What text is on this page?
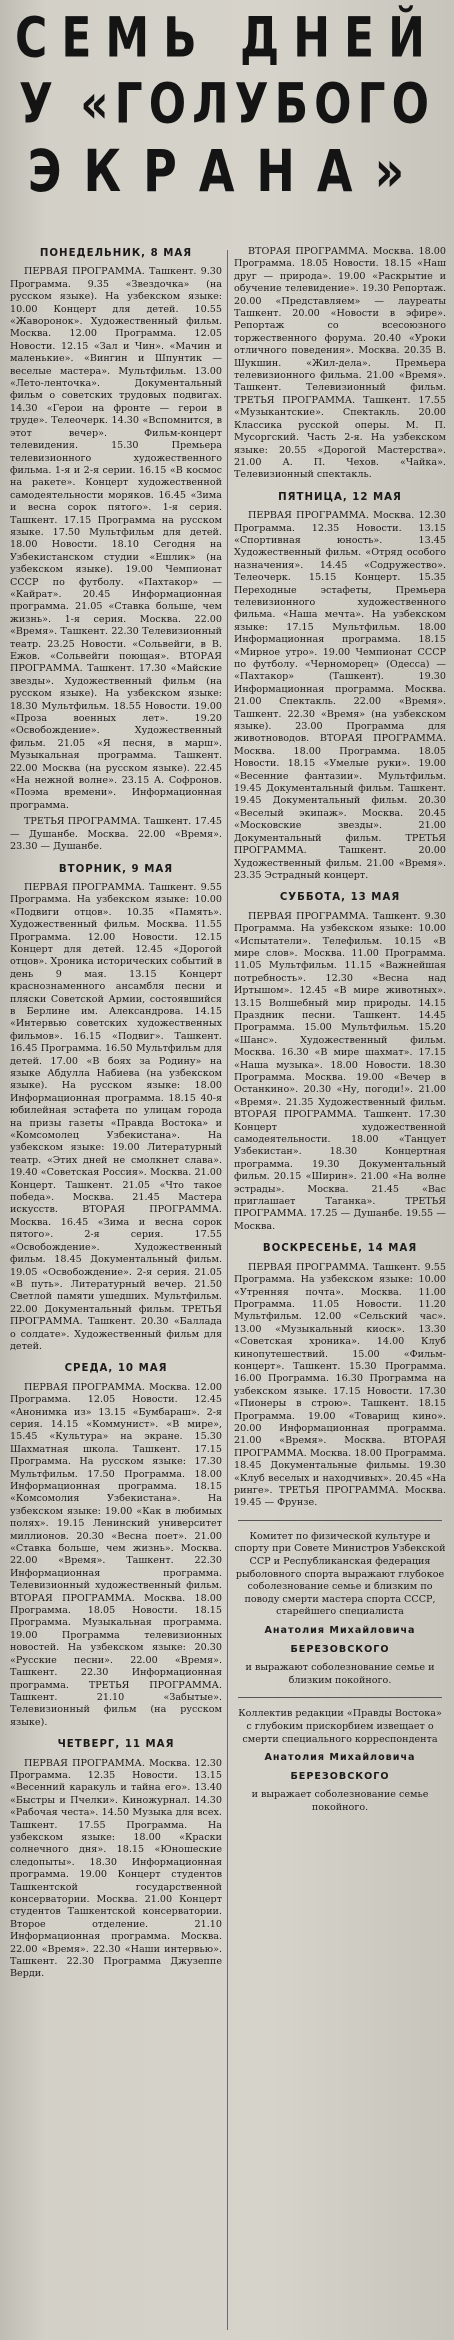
СЕМЬ ДНЕЙ
У «ГОЛУБОГО
ЭКРАНА»
ПОНЕДЕЛЬНИК, 8 МАЯ
ПЕРВАЯ ПРОГРАММА. Ташкент. 9.30 Программа. 9.35 «Звездочка» (на русском языке). На узбекском языке: 10.00 Концерт для детей. 10.55 «Жаворонок». Художественный фильм. Москва. 12.00 Программа. 12.05 Новости. 12.15 «Зал и Чин». «Мачин и маленькие». «Вингин и Шпунтик — веселые мастера». Мультфильм. 13.00 «Лето-ленточка». Документальный фильм о советских трудовых подвигах. 14.30 «Герои на фронте — герои в труде». Телеочерк. 14.30 «Вспомнится, в этот вечер». Фильм-концерт телевидения. 15.30 Премьера телевизионного художественного фильма. 1-я и 2-я серии. 16.15 «В космос на ракете». Концерт художественной самодеятельности моряков. 16.45 «Зима и весна сорок пятого». 1-я серия. Ташкент. 17.15 Программа на русском языке. 17.50 Мультфильм для детей. 18.00 Новости. 18.10 Сегодня на Узбекистанском студии «Ешлик» (на узбекском языке). 19.00 Чемпионат СССР по футболу. «Пахтакор» — «Кайрат». 20.45 Информационная программа. 21.05 «Ставка больше, чем жизнь». 1-я серия. Москва. 22.00 «Время». Ташкент. 22.30 Телевизионный театр. 23.25 Новости. «Сольвейги, в В. Ежов. «Сольвейги поющая». ВТОРАЯ ПРОГРАММА. Ташкент. 17.30 «Майские звезды». Художественный фильм (на русском языке). На узбекском языке: 18.30 Мультфильм. 18.55 Новости. 19.00 «Проза военных лет». 19.20 «Освобождение». Художественный фильм. 21.05 «Я песня, в марш». Музыкальная программа. Ташкент. 22.00 Москва (на русском языке). 22.45 «На нежной волне». 23.15 А. Софронов. «Поэма времени». Информационная программа.
ТРЕТЬЯ ПРОГРАММА. Ташкент. 17.45 — Душанбе. Москва. 22.00 «Время». 23.30 — Душанбе.
ВТОРНИК, 9 МАЯ
ПЕРВАЯ ПРОГРАММА. Ташкент. 9.55 Программа. На узбекском языке: 10.00 «Подвиги отцов». 10.35 «Память». Художественный фильм. Москва. 11.55 Программа. 12.00 Новости. 12.15 Концерт для детей. 12.45 «Дорогой отцов». Хроника исторических событий в день 9 мая. 13.15 Концерт краснознаменного ансамбля песни и пляски Советской Армии, состоявшийся в Берлине им. Александрова. 14.15 «Интервью советских художественных фильмов». 16.15 «Подвиг». Ташкент. 16.45 Программа. 16.50 Мультфильм для детей. 17.00 «В боях за Родину» на языке Абдулла Набиева (на узбекском языке). На русском языке: 18.00 Информационная программа. 18.15 40-я юбилейная эстафета по улицам города на призы газеты «Правда Востока» и «Комсомолец Узбекистана». На узбекском языке: 19.00 Литературный театр. «Этих дней не смолкнет слава». 19.40 «Советская Россия». Москва. 21.00 Концерт. Ташкент. 21.05 «Что такое победа». Москва. 21.45 Мастера искусств. ВТОРАЯ ПРОГРАММА. Москва. 16.45 «Зима и весна сорок пятого». 2-я серия. 17.55 «Освобождение». Художественный фильм. 18.45 Документальный фильм. 19.05 «Освобождение». 2-я серия. 21.05 «В путь». Литературный вечер. 21.50 Светлой памяти ушедших. Мультфильм. 22.00 Документальный фильм. ТРЕТЬЯ ПРОГРАММА. Ташкент. 20.30 «Баллада о солдате». Художественный фильм для детей.
СРЕДА, 10 МАЯ
ПЕРВАЯ ПРОГРАММА. Москва. 12.00 Программа. 12.05 Новости. 12.45 «Анонимка из» 13.15 «Бумбараш». 2-я серия. 14.15 «Коммунист». «В мире», 15.45 «Культура» на экране. 15.30 Шахматная школа. Ташкент. 17.15 Программа. На русском языке: 17.30 Мультфильм. 17.50 Программа. 18.00 Информационная программа. 18.15 «Комсомолия Узбекистана». На узбекском языке: 19.00 «Как в любимых полях». 19.15 Ленинский университет миллионов. 20.30 «Весна поет». 21.00 «Ставка больше, чем жизнь». Москва. 22.00 «Время». Ташкент. 22.30 Информационная программа. Телевизионный художественный фильм. ВТОРАЯ ПРОГРАММА. Москва. 18.00 Программа. 18.05 Новости. 18.15 Программа. Музыкальная программа. 19.00 Программа телевизионных новостей. На узбекском языке: 20.30 «Русские песни». 22.00 «Время». Ташкент. 22.30 Информационная программа. ТРЕТЬЯ ПРОГРАММА. Ташкент. 21.10 «Забытые». Телевизионный фильм (на русском языке).
ЧЕТВЕРГ, 11 МАЯ
ПЕРВАЯ ПРОГРАММА. Москва. 12.30 Программа. 12.35 Новости. 13.15 «Весенний каракуль и тайна его». 13.40 «Быстры и Пчелки». Киножурнал. 14.30 «Рабочая честа». 14.50 Музыка для всех. Ташкент. 17.55 Программа. На узбекском языке: 18.00 «Краски солнечного дня». 18.15 «Юношеские следопыты». 18.30 Информационная программа. 19.00 Концерт студентов Ташкентской государственной консерватории. Москва. 21.00 Концерт студентов Ташкентской консерватории. Второе отделение. 21.10 Информационная программа. Москва. 22.00 «Время». 22.30 «Наши интервью». Ташкент. 22.30 Программа Джузеппе Верди.
ВТОРАЯ ПРОГРАММА. Москва. 18.00 Программа. 18.05 Новости. 18.15 «Наш друг — природа». 19.00 «Раскрытие и обучение телевидение». 19.30 Репортаж. 20.00 «Представляем» — лауреаты Ташкент. 20.00 «Новости в эфире». Репортаж со всесоюзного торжественного форума. 20.40 «Уроки отличного поведения». Москва. 20.35 В. Шукшин. «Жил-дела». Премьера телевизионного фильма. 21.00 «Время». Ташкент. Телевизионный фильм. ТРЕТЬЯ ПРОГРАММА. Ташкент. 17.55 «Музыкантские». Спектакль. 20.00 Классика русской оперы. М. П. Мусоргский. Часть 2-я. На узбекском языке: 20.55 «Дорогой Мастерства». 21.00 А. П. Чехов. «Чайка». Телевизионный спектакль.
ПЯТНИЦА, 12 МАЯ
ПЕРВАЯ ПРОГРАММА. Москва. 12.30 Программа. 12.35 Новости. 13.15 «Спортивная юность». 13.45 Художественный фильм. «Отряд особого назначения». 14.45 «Содружество». Телеочерк. 15.15 Концерт. 15.35 Переходные эстафеты, Премьера телевизионного художественного фильма. «Наша мечта». На узбекском языке: 17.15 Мультфильм. 18.00 Информационная программа. 18.15 «Мирное утро». 19.00 Чемпионат СССР по футболу. «Черноморец» (Одесса) — «Пахтакор» (Ташкент). 19.30 Информационная программа. Москва. 21.00 Спектакль. 22.00 «Время». Ташкент. 22.30 «Время» (на узбекском языке). 23.00 Программа для животноводов. ВТОРАЯ ПРОГРАММА. Москва. 18.00 Программа. 18.05 Новости. 18.15 «Умелые руки». 19.00 «Весенние фантазии». Мультфильм. 19.45 Документальный фильм. Ташкент. 19.45 Документальный фильм. 20.30 «Веселый экипаж». Москва. 20.45 «Московские звезды». 21.00 Документальный фильм. ТРЕТЬЯ ПРОГРАММА. Ташкент. 20.00 Художественный фильм. 21.00 «Время». 23.35 Эстрадный концерт.
СУББОТА, 13 МАЯ
ПЕРВАЯ ПРОГРАММА. Ташкент. 9.30 Программа. На узбекском языке: 10.00 «Испытатели». Телефильм. 10.15 «В мире слов». Москва. 11.00 Программа. 11.05 Мультфильм. 11.15 «Важнейшая потребность». 12.30 «Весна над Иртышом». 12.45 «В мире животных». 13.15 Волшебный мир природы. 14.15 Праздник песни. Ташкент. 14.45 Программа. 15.00 Мультфильм. 15.20 «Шанс». Художественный фильм. Москва. 16.30 «В мире шахмат». 17.15 «Наша музыка». 18.00 Новости. 18.30 Программа. Москва. 19.00 «Вечер в Останкино». 20.30 «Ну, погоди!». 21.00 «Время». 21.35 Художественный фильм. ВТОРАЯ ПРОГРАММА. Ташкент. 17.30 Концерт художественной самодеятельности. 18.00 «Танцует Узбекистан». 18.30 Концертная программа. 19.30 Документальный фильм. 20.15 «Ширин». 21.00 «На волне эстрады». Москва. 21.45 «Вас приглашает Таганка». ТРЕТЬЯ ПРОГРАММА. 17.25 — Душанбе. 19.55 — Москва.
ВОСКРЕСЕНЬЕ, 14 МАЯ
ПЕРВАЯ ПРОГРАММА. Ташкент. 9.55 Программа. На узбекском языке: 10.00 «Утренняя почта». Москва. 11.00 Программа. 11.05 Новости. 11.20 Мультфильм. 12.00 «Сельский час». 13.00 «Музыкальный киоск». 13.30 «Советская хроника». 14.00 Клуб кинопутешествий. 15.00 «Фильм-концерт». Ташкент. 15.30 Программа. 16.00 Программа. 16.30 Программа на узбекском языке. 17.15 Новости. 17.30 «Пионеры в строю». Ташкент. 18.15 Программа. 19.00 «Товарищ кино». 20.00 Информационная программа. 21.00 «Время». Москва. ВТОРАЯ ПРОГРАММА. Москва. 18.00 Программа. 18.45 Документальные фильмы. 19.30 «Клуб веселых и находчивых». 20.45 «На ринге». ТРЕТЬЯ ПРОГРАММА. Москва. 19.45 — Фрунзе.
Комитет по физической культуре и спорту при Совете Министров Узбекской ССР и Республиканская федерация рыболовного спорта выражают глубокое соболезнование семье и близким по поводу смерти мастера спорта СССР, старейшего специалиста
Анатолия Михайловича
БЕРЕЗОВСКОГО
и выражают соболезнование семье и близким покойного.
Коллектив редакции «Правды Востока» с глубоким прискорбием извещает о смерти специального корреспондента
Анатолия Михайловича
БЕРЕЗОВСКОГО
и выражает соболезнование семье покойного.
